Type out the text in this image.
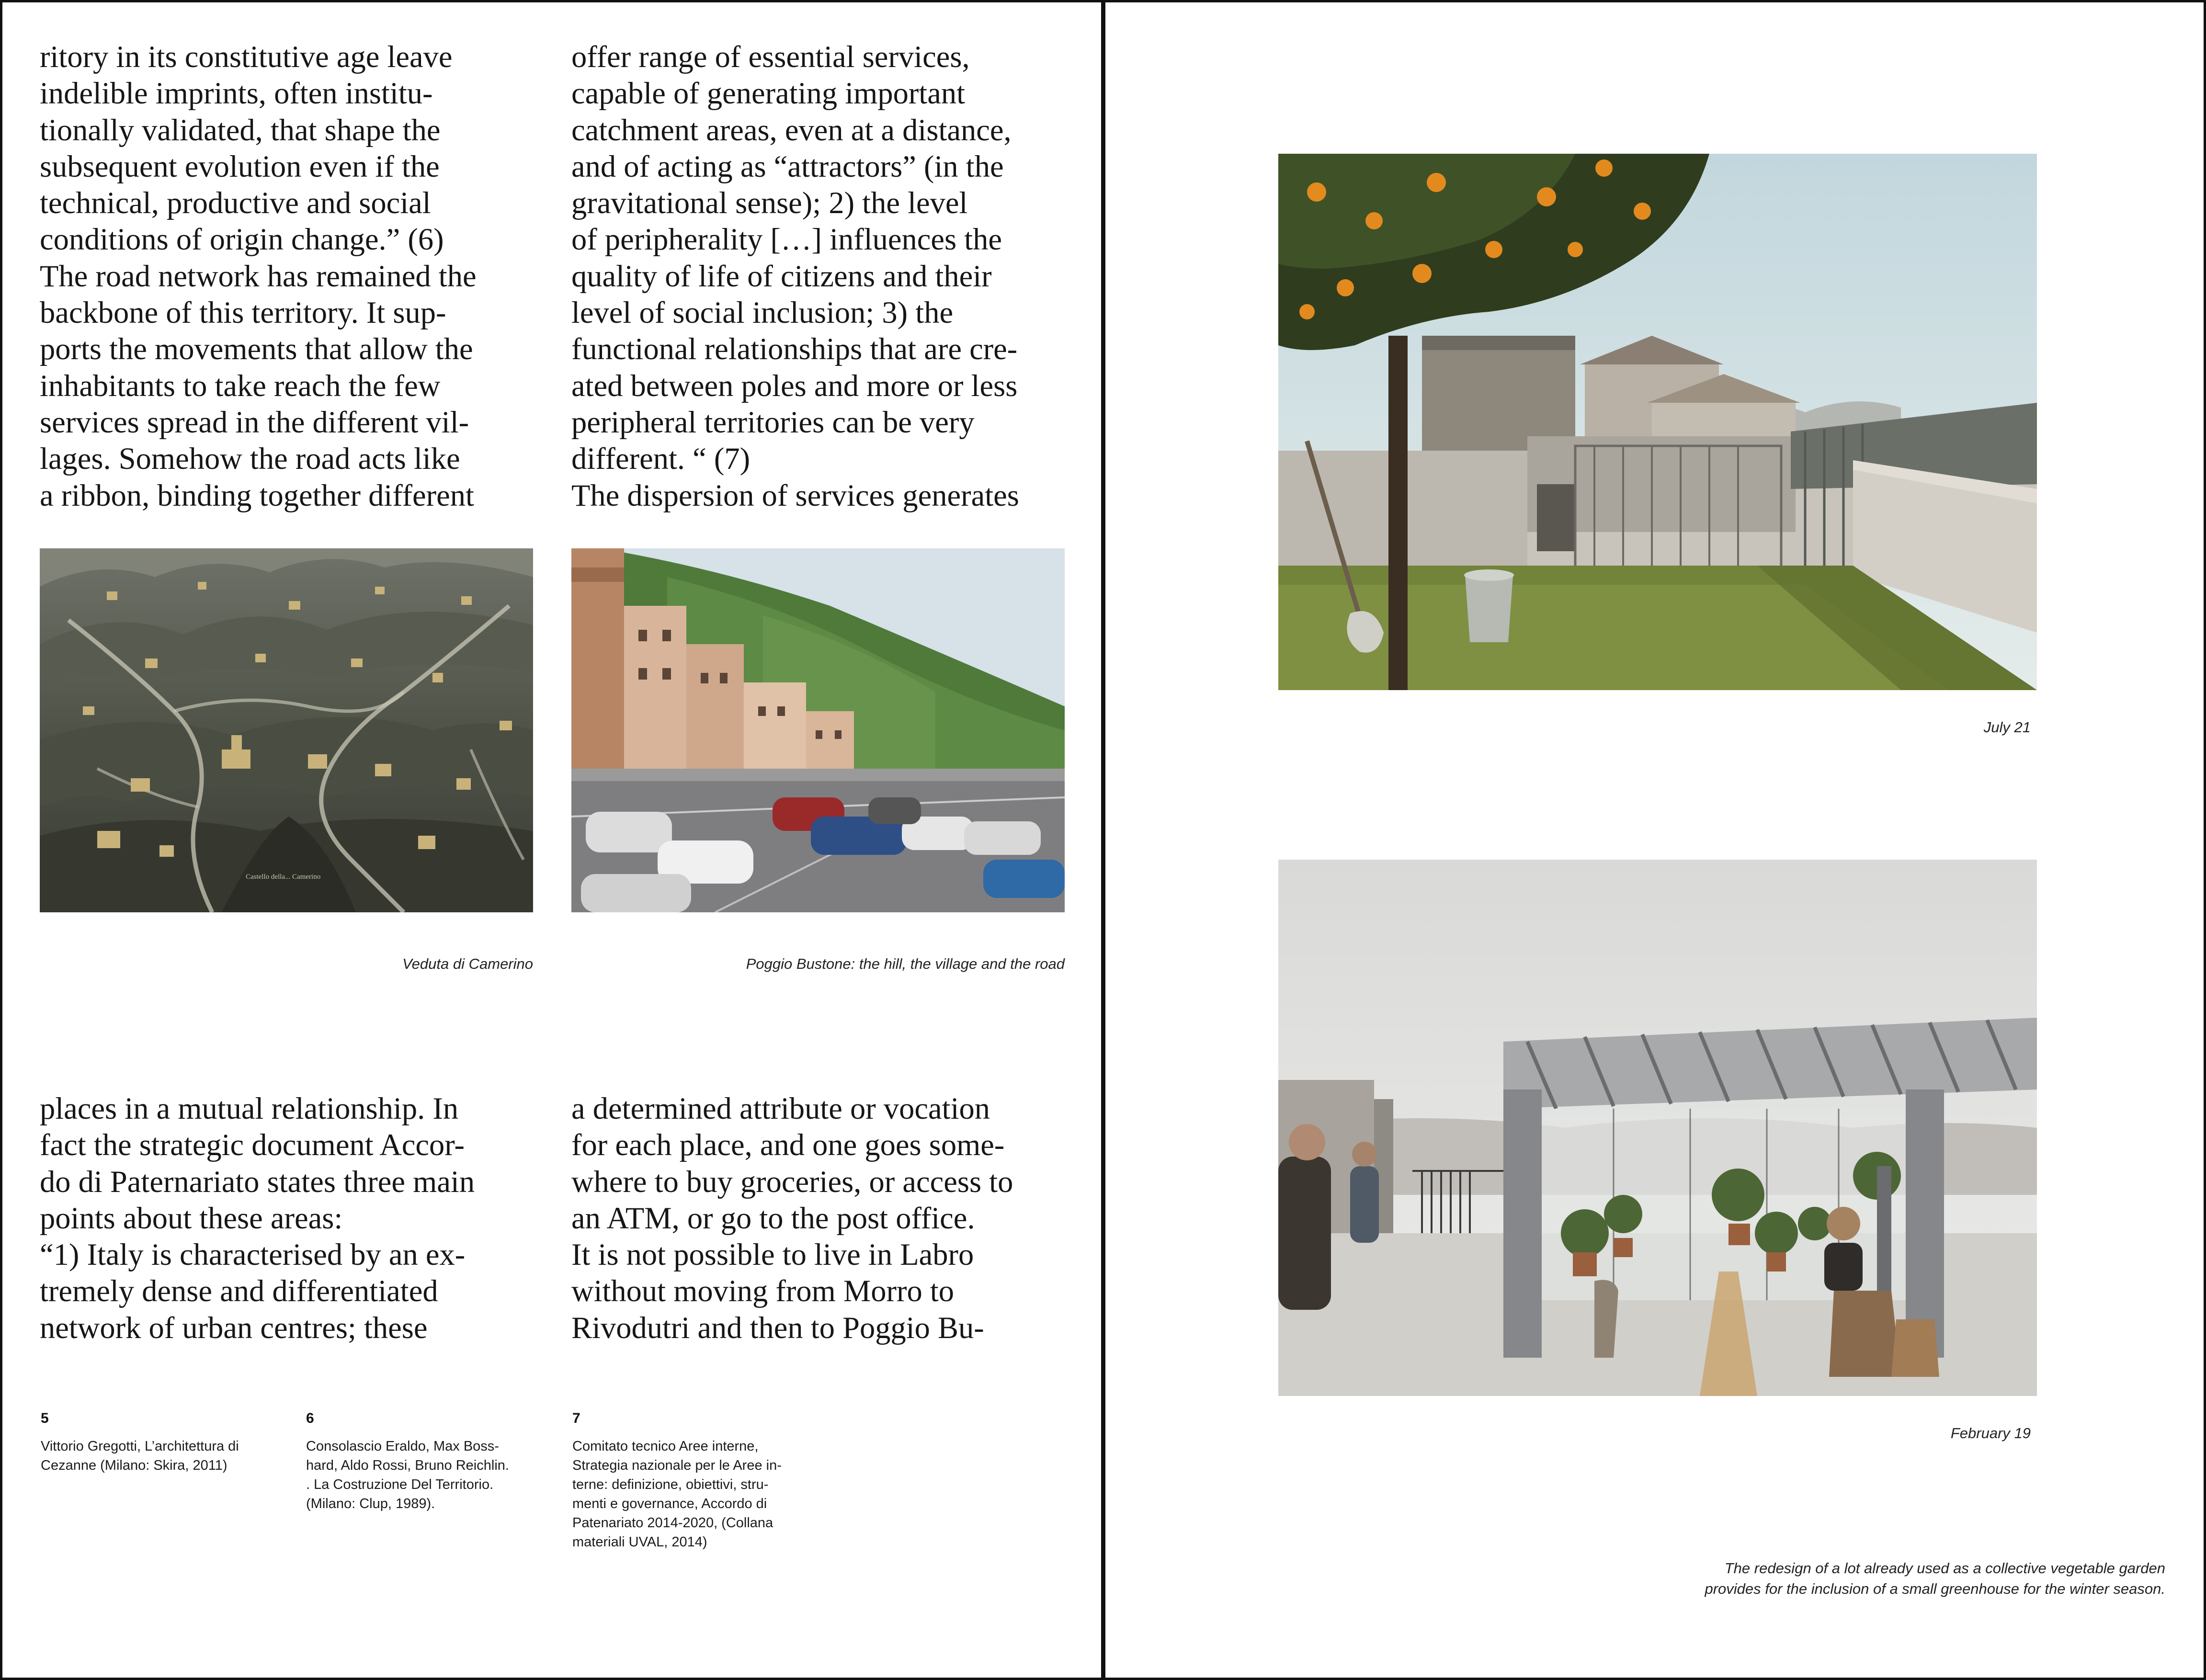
ritory in its constitutive age leave
indelible imprints, often institu-
tionally validated, that shape the
subsequent evolution even if the
technical, productive and social
conditions of origin change.” (6)
The road network has remained the
backbone of this territory. It sup-
ports the movements that allow the
inhabitants to take reach the few
services spread in the different vil-
lages. Somehow the road acts like
a ribbon, binding together different
offer range of essential services,
capable of generating important
catchment areas, even at a distance,
and of acting as “attractors” (in the
gravitational sense); 2) the level
of peripherality […] influences the
quality of life of citizens and their
level of social inclusion; 3) the
functional relationships that are cre-
ated between poles and more or less
peripheral territories can be very
different. “ (7)
The dispersion of services generates
Castello della... Camerino
Veduta di Camerino	Poggio Bustone: the hill, the village and the road
places in a mutual relationship. In
fact the strategic document Accor-
do di Paternariato states three main
points about these areas:
“1) Italy is characterised by an ex-
tremely dense and differentiated
network of urban centres; these
a determined attribute or vocation
for each place, and one goes some-
where to buy groceries, or access to
an ATM, or go to the post office.
It is not possible to live in Labro
without moving from Morro to
Rivodutri and then to Poggio Bu-
5
Vittorio Gregotti, L’architettura di
Cezanne (Milano: Skira, 2011)
6
Consolascio Eraldo, Max Boss-
hard, Aldo Rossi, Bruno Reichlin.
. La Costruzione Del Territorio.
(Milano: Clup, 1989).
7
Comitato tecnico Aree interne,
Strategia nazionale per le Aree in-
terne: definizione, obiettivi, stru-
menti e governance, Accordo di
Patenariato 2014-2020, (Collana
materiali UVAL, 2014)
July 21
February 19
The redesign of a lot already used as a collective vegetable garden
provides for the inclusion of a small greenhouse for the winter season.
